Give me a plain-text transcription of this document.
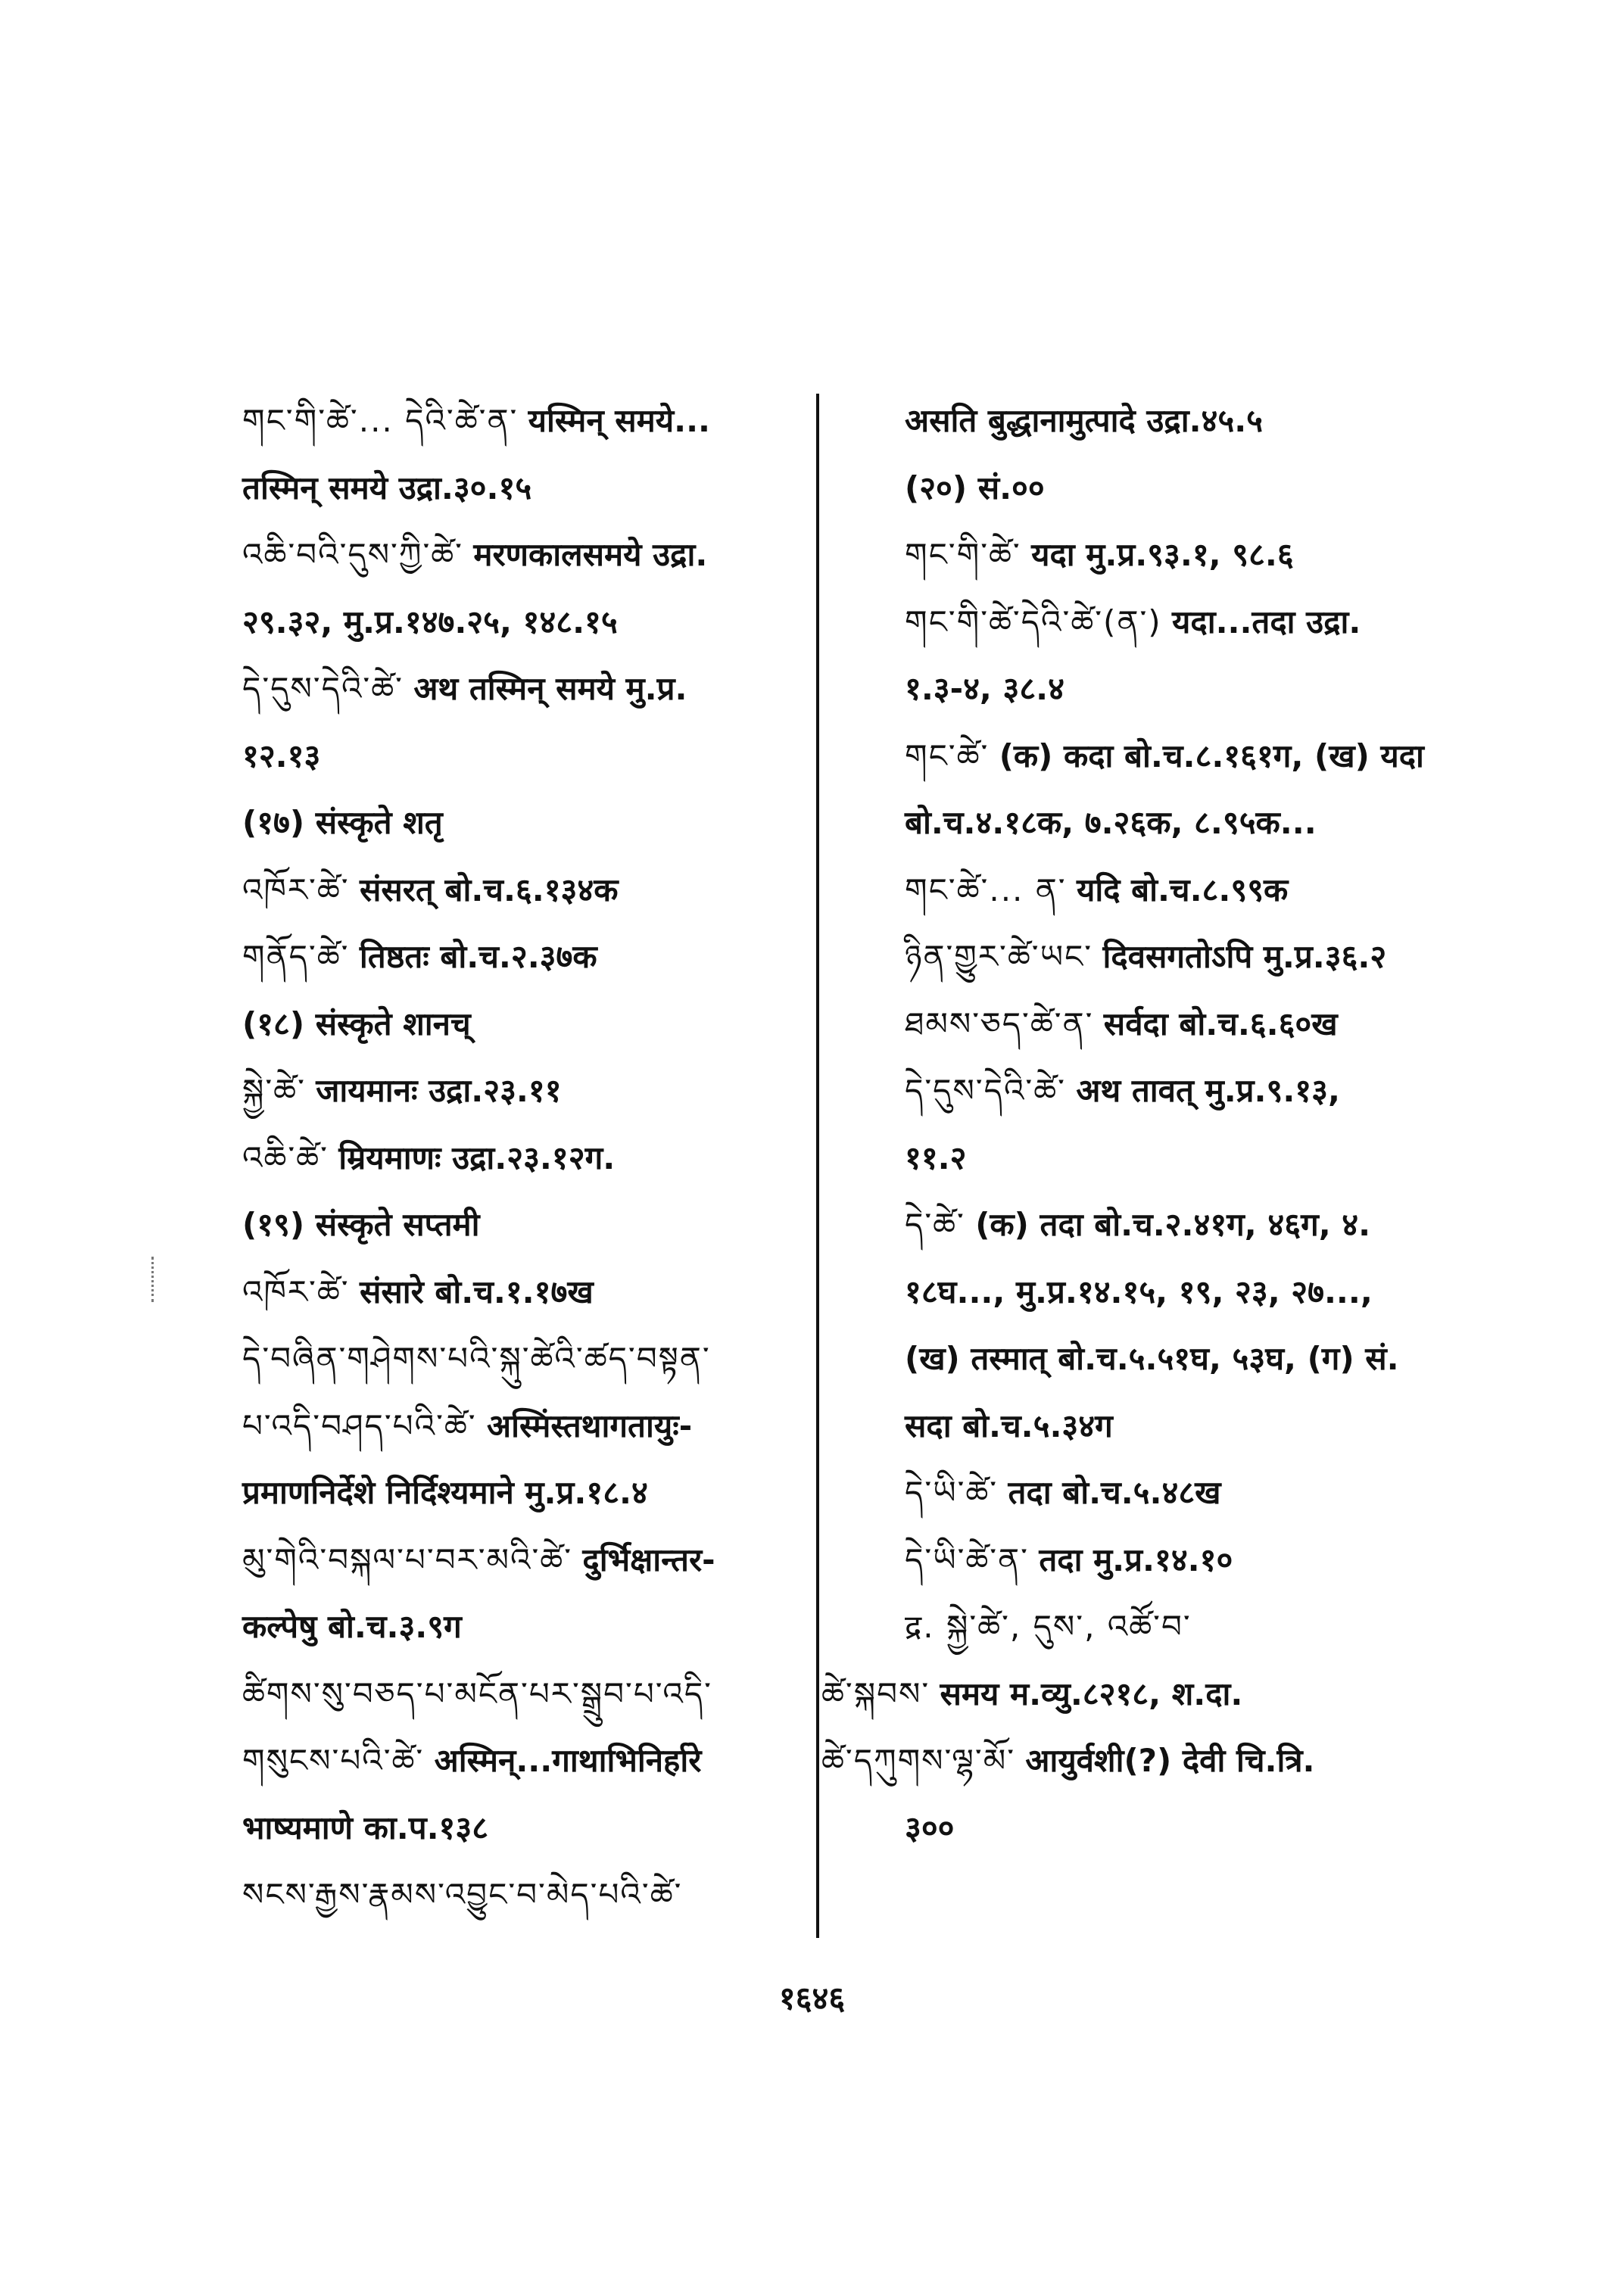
གང་གི་ཚེ་... དེའི་ཚེ་ན་ यस्मिन् समये...
तस्मिन् समये उद्रा.३०.१५
འཆི་བའི་དུས་ཀྱི་ཚེ་ मरणकालसमये उद्रा.
२९.३२, मु.प्र.१४७.२५, १४८.१५
དེ་དུས་དེའི་ཚེ་ अथ तस्मिन् समये मु.प्र.
१२.१३
(१७) संस्कृते शतृ
འཁོར་ཚེ་ संसरत् बो.च.६.१३४क
གནོད་ཚེ་ तिष्ठतः बो.च.२.३७क
(१८) संस्कृते शानच्
སྐྱེ་ཚེ་ जायमानः उद्रा.२३.११
འཆི་ཚེ་ म्रियमाणः उद्रा.२३.१२ग.
(१९) संस्कृते सप्तमी
འཁོར་ཚེ་ संसारे बो.च.१.१७ख
དེ་བཞིན་གཤེགས་པའི་སྐུ་ཚེའི་ཚད་བསྟན་
པ་འདི་བཤད་པའི་ཚེ་ अस्मिंस्तथागतायुः-
प्रमाणनिर्देशे निर्दिश्यमाने मु.प्र.१८.४
མུ་གེའི་བསྐལ་པ་བར་མའི་ཚེ་ दुर्भिक्षान्तर-
कल्पेषु बो.च.३.९ग
ཚིགས་སུ་བཅད་པ་མངོན་པར་སྒྲུབ་པ་འདི་
གསུངས་པའི་ཚེ་ अस्मिन्...गाथाभिनिर्हारे
भाष्यमाणे का.प.१३८
སངས་རྒྱས་རྣམས་འབྱུང་བ་མེད་པའི་ཚེ་
असति बुद्धानामुत्पादे उद्रा.४५.५
(२०) सं.००
གང་གི་ཚེ་ यदा मु.प्र.९३.१, ९८.६
གང་གི་ཚེ་དེའི་ཚེ་(ན་) यदा...तदा उद्रा.
१.३-४, ३८.४
གང་ཚེ་ (क) कदा बो.च.८.१६१ग, (ख) यदा
बो.च.४.१८क, ७.२६क, ८.९५क...
གང་ཚེ་... ན་ यदि बो.च.८.९९क
ཉིན་གྱུར་ཚེ་ཡང་ दिवसगतोऽपि मु.प्र.३६.२
ཐམས་ཅད་ཚེ་ན་ सर्वदा बो.च.६.६०ख
དེ་དུས་དེའི་ཚེ་ अथ तावत् मु.प्र.९.१३,
११.२
དེ་ཚེ་ (क) तदा बो.च.२.४१ग, ४६ग, ४.
१८घ..., मु.प्र.१४.१५, १९, २३, २७...,
(ख) तस्मात् बो.च.५.५१घ, ५३घ, (ग) सं.
सदा बो.च.५.३४ग
དེ་ཡི་ཚེ་ तदा बो.च.५.४८ख
དེ་ཡི་ཚེ་ན་ तदा मु.प्र.१४.१०
द्र. སྐྱེ་ཚེ་, དུས་, འཚོ་བ་
ཚེ་སྐབས་ समय म.व्यु.८२१८, श.दा.
ཚེ་དཀུགས་ལྷ་མོ་ आयुर्वशी(?) देवी चि.त्रि.
३००
१६४६
